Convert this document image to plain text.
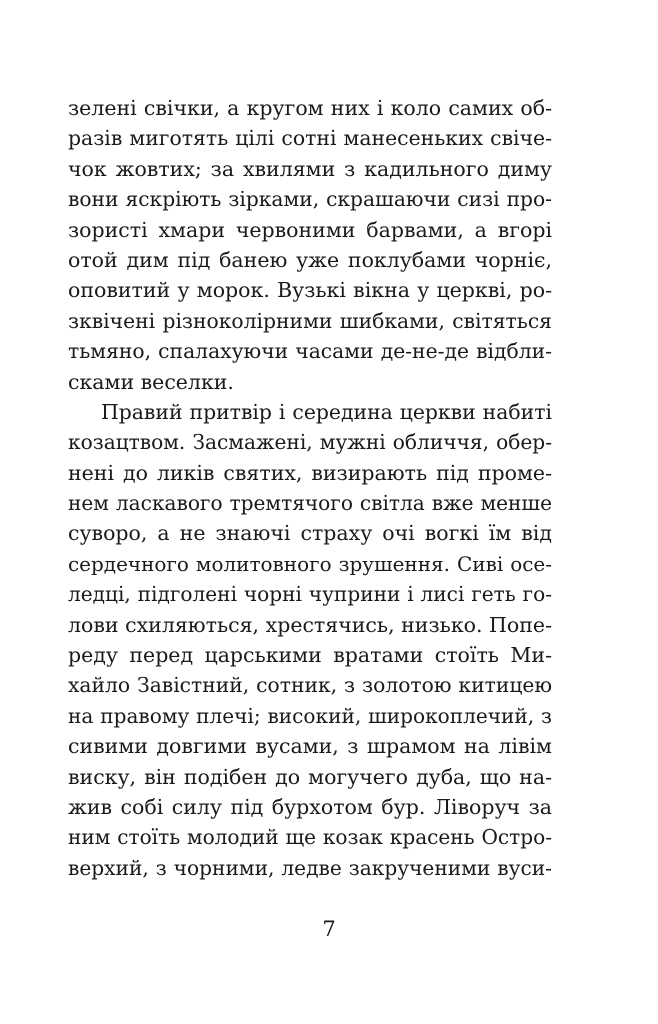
зелені свічки, а кругом них і коло самих об-
разів миготять цілі сотні манесеньких свіче-
чок жовтих; за хвилями з кадильного диму
вони яскріють зірками, скрашаючи сизі про-
зористі хмари червоними барвами, а вгорі
отой дим під банею уже поклубами чорніє,
оповитий у морок. Вузькі вікна у церкві, ро-
зквічені різноколірними шибками, світяться
тьмяно, спалахуючи часами де-не-де відбли-
сками веселки.
Правий притвір і середина церкви набиті
козацтвом. Засмажені, мужні обличчя, обер-
нені до ликів святих, визирають під проме-
нем ласкавого тремтячого світла вже менше
суворо, а не знаючі страху очі вогкі їм від
сердечного молитовного зрушення. Сиві осе-
ледці, підголені чорні чуприни і лисі геть го-
лови схиляються, хрестячись, низько. Попе-
реду перед царськими вратами стоїть Ми-
хайло Завістний, сотник, з золотою китицею
на правому плечі; високий, широкоплечий, з
сивими довгими вусами, з шрамом на лівім
виску, він подібен до могучего дуба, що на-
жив собі силу під бурхотом бур. Ліворуч за
ним стоїть молодий ще козак красень Остро-
верхий, з чорними, ледве закрученими вуси-
7
